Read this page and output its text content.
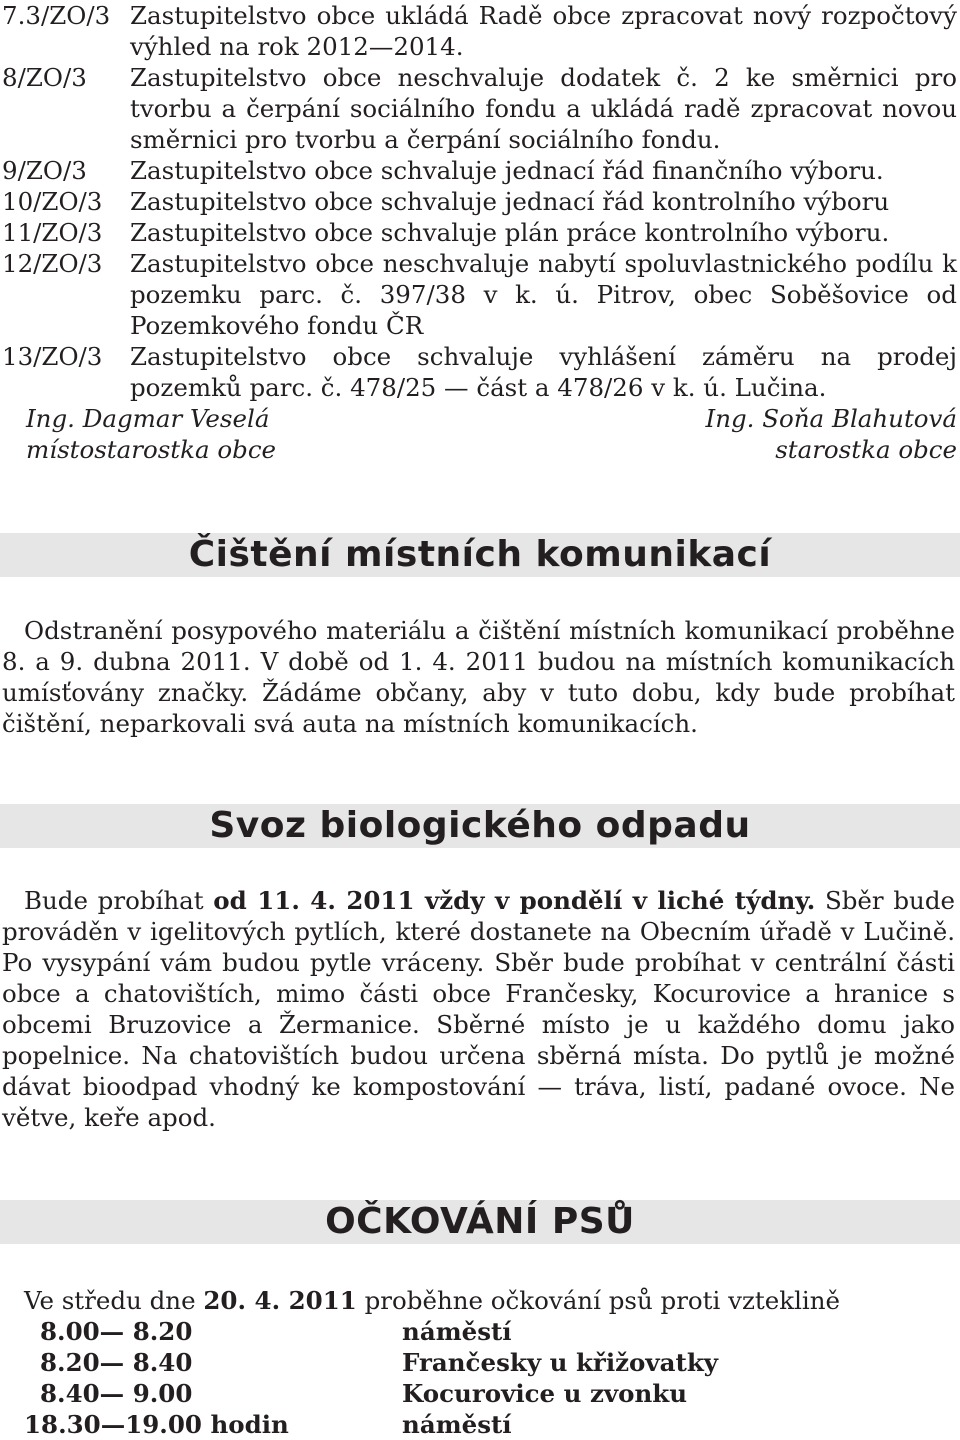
7.3/ZO/3 Zastupitelstvo obce ukládá Radě obce zpracovat nový rozpočtový výhled na rok 2012—2014.
8/ZO/3	Zastupitelstvo obce neschvaluje dodatek č. 2 ke směrnici pro tvorbu a čerpání sociálního fondu a ukládá radě zpracovat novou směrnici pro tvorbu a čerpání sociálního fondu.
9/ZO/3	Zastupitelstvo obce schvaluje jednací řád finančního výboru.
10/ZO/3	Zastupitelstvo obce schvaluje jednací řád kontrolního výboru
11/ZO/3	Zastupitelstvo obce schvaluje plán práce kontrolního výboru.
12/ZO/3	Zastupitelstvo obce neschvaluje nabytí spoluvlastnického podílu k pozemku parc. č. 397/38 v k. ú. Pitrov, obec Soběšovice od Pozemkového fondu ČR
13/ZO/3	Zastupitelstvo obce schvaluje vyhlášení záměru na prodej pozemků parc. č. 478/25 — část a 478/26 v k. ú. Lučina.
Ing. Dagmar Veselá	Ing. Soňa Blahutová
místostarostka obce	starostka obce
Čištění místních komunikací
Odstranění posypového materiálu a čištění místních komunikací proběhne 8. a 9. dubna 2011. V době od 1. 4. 2011 budou na místních komunikacích umísťovány značky. Žádáme občany, aby v tuto dobu, kdy bude probíhat čištění, neparkovali svá auta na místních komunikacích.
Svoz biologického odpadu
Bude probíhat od 11. 4. 2011 vždy v pondělí v liché týdny. Sběr bude prováděn v igelitových pytlích, které dostanete na Obecním úřadě v Lučině. Po vysypání vám budou pytle vráceny. Sběr bude probíhat v centrální části obce a chatovištích, mimo části obce Frančesky, Kocurovice a hranice s obcemi Bruzovice a Žermanice. Sběrné místo je u každého domu jako popelnice. Na chatovištích budou určena sběrná místa. Do pytlů je možné dávat bioodpad vhodný ke kompostování — tráva, listí, padané ovoce. Ne větve, keře apod.
OČKOVÁNÍ PSŮ
Ve středu dne 20. 4. 2011 proběhne očkování psů proti vzteklině
8.00— 8.20	náměstí
8.20— 8.40	Frančesky u křižovatky
8.40— 9.00	Kocurovice u zvonku
18.30—19.00 hodin	náměstí
